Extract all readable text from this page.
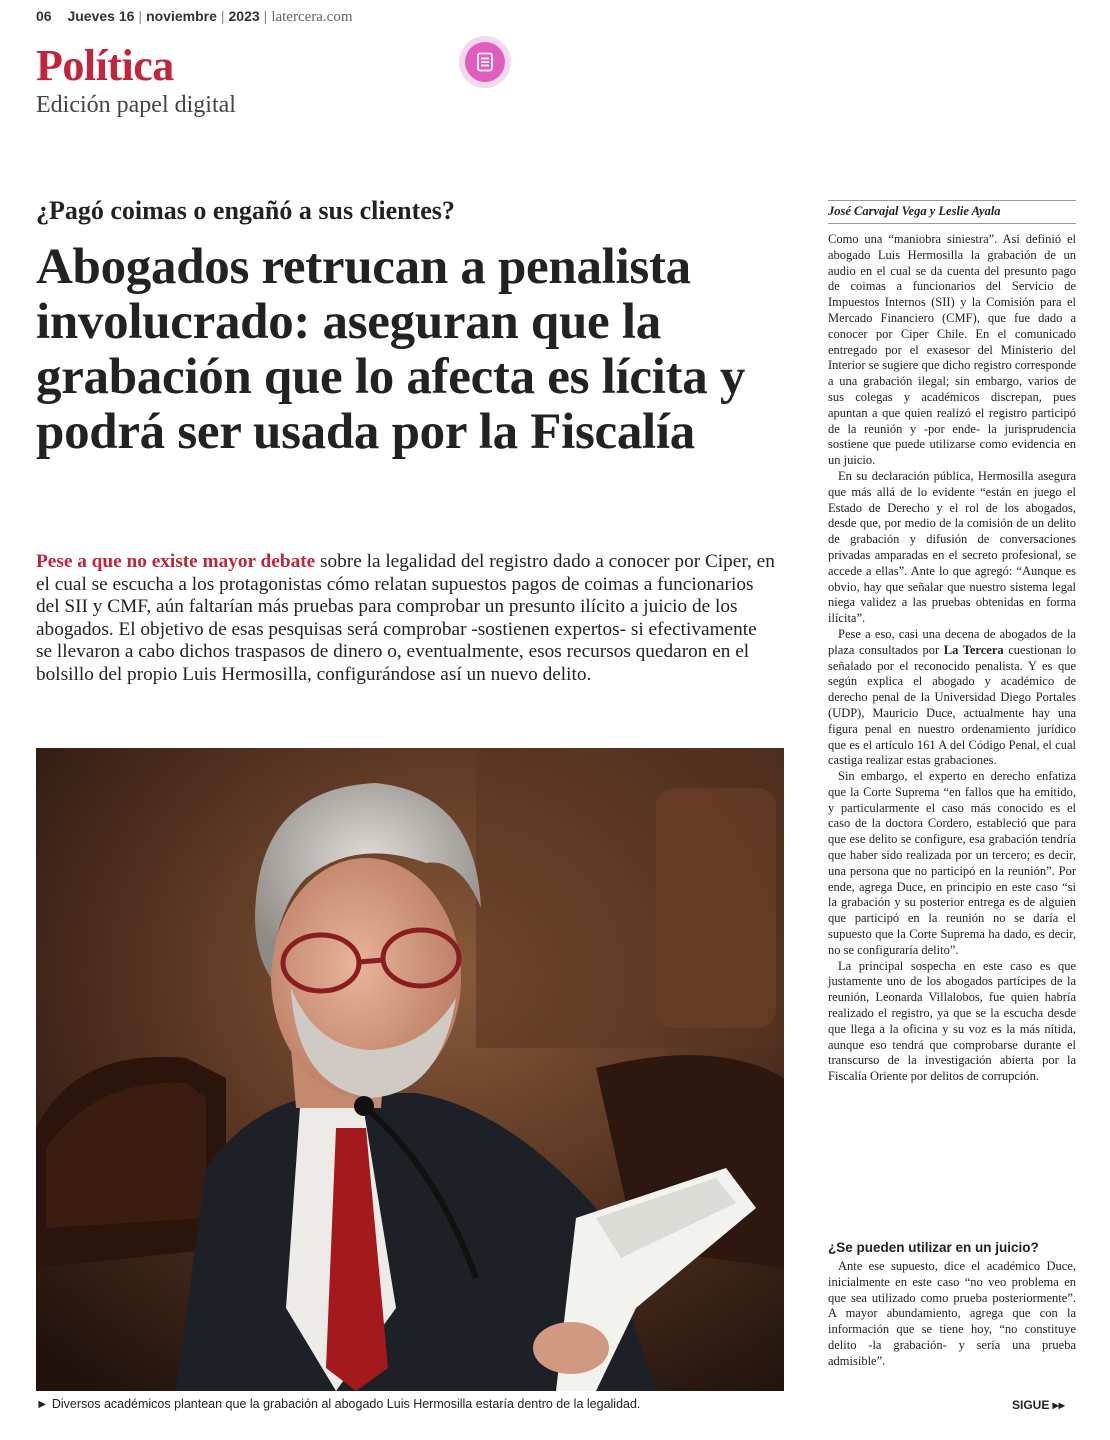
06 Jueves 16 | noviembre | 2023 | latercera.com
Política
Edición papel digital
¿Pagó coimas o engañó a sus clientes?
Abogados retrucan a penalista involucrado: aseguran que la grabación que lo afecta es lícita y podrá ser usada por la Fiscalía

Pese a que no existe mayor debate sobre la legalidad del registro dado a conocer por Ciper, en el cual se escucha a los protagonistas cómo relatan supuestos pagos de coimas a funcionarios del SII y CMF, aún faltarían más pruebas para comprobar un presunto ilícito a juicio de los abogados. El objetivo de esas pesquisas será comprobar -sostienen expertos- si efectivamente se llevaron a cabo dichos traspasos de dinero o, eventualmente, esos recursos quedaron en el bolsillo del propio Luis Hermosilla, configurándose así un nuevo delito.

► Diversos académicos plantean que la grabación al abogado Luis Hermosilla estaría dentro de la legalidad.

José Carvajal Vega y Leslie Ayala

Como una “maniobra siniestra”. Así definió el abogado Luis Hermosilla la grabación de un audio en el cual se da cuenta del presunto pago de coimas a funcionarios del Servicio de Impuestos Internos (SII) y la Comisión para el Mercado Financiero (CMF), que fue dado a conocer por Ciper Chile. En el comunicado entregado por el exasesor del Ministerio del Interior se sugiere que dicho registro corresponde a una grabación ilegal; sin embargo, varios de sus colegas y académicos discrepan, pues apuntan a que quien realizó el registro participó de la reunión y -por ende- la jurisprudencia sostiene que puede utilizarse como evidencia en un juicio.

En su declaración pública, Hermosilla asegura que más allá de lo evidente “están en juego el Estado de Derecho y el rol de los abogados, desde que, por medio de la comisión de un delito de grabación y difusión de conversaciones privadas amparadas en el secreto profesional, se accede a ellas”. Ante lo que agregó: “Aunque es obvio, hay que señalar que nuestro sistema legal niega validez a las pruebas obtenidas en forma ilícita”.

Pese a eso, casi una decena de abogados de la plaza consultados por La Tercera cuestionan lo señalado por el reconocido penalista. Y es que según explica el abogado y académico de derecho penal de la Universidad Diego Portales (UDP), Mauricio Duce, actualmente hay una figura penal en nuestro ordenamiento jurídico que es el artículo 161 A del Código Penal, el cual castiga realizar estas grabaciones.

Sin embargo, el experto en derecho enfatiza que la Corte Suprema “en fallos que ha emitido, y particularmente el caso más conocido es el caso de la doctora Cordero, estableció que para que ese delito se configure, esa grabación tendría que haber sido realizada por un tercero; es decir, una persona que no participó en la reunión”. Por ende, agrega Duce, en principio en este caso “si la grabación y su posterior entrega es de alguien que participó en la reunión no se daría el supuesto que la Corte Suprema ha dado, es decir, no se configuraría delito”.

La principal sospecha en este caso es que justamente uno de los abogados partícipes de la reunión, Leonarda Villalobos, fue quien habría realizado el registro, ya que se la escucha desde que llega a la oficina y su voz es la más nítida, aunque eso tendrá que comprobarse durante el transcurso de la investigación abierta por la Fiscalía Oriente por delitos de corrupción.

¿Se pueden utilizar en un juicio?

Ante ese supuesto, dice el académico Duce, inicialmente en este caso “no veo problema en que sea utilizado como prueba posteriormente”. A mayor abundamiento, agrega que con la información que se tiene hoy, “no constituye delito -la grabación- y sería una prueba admisible”.

SIGUE ▸▸
